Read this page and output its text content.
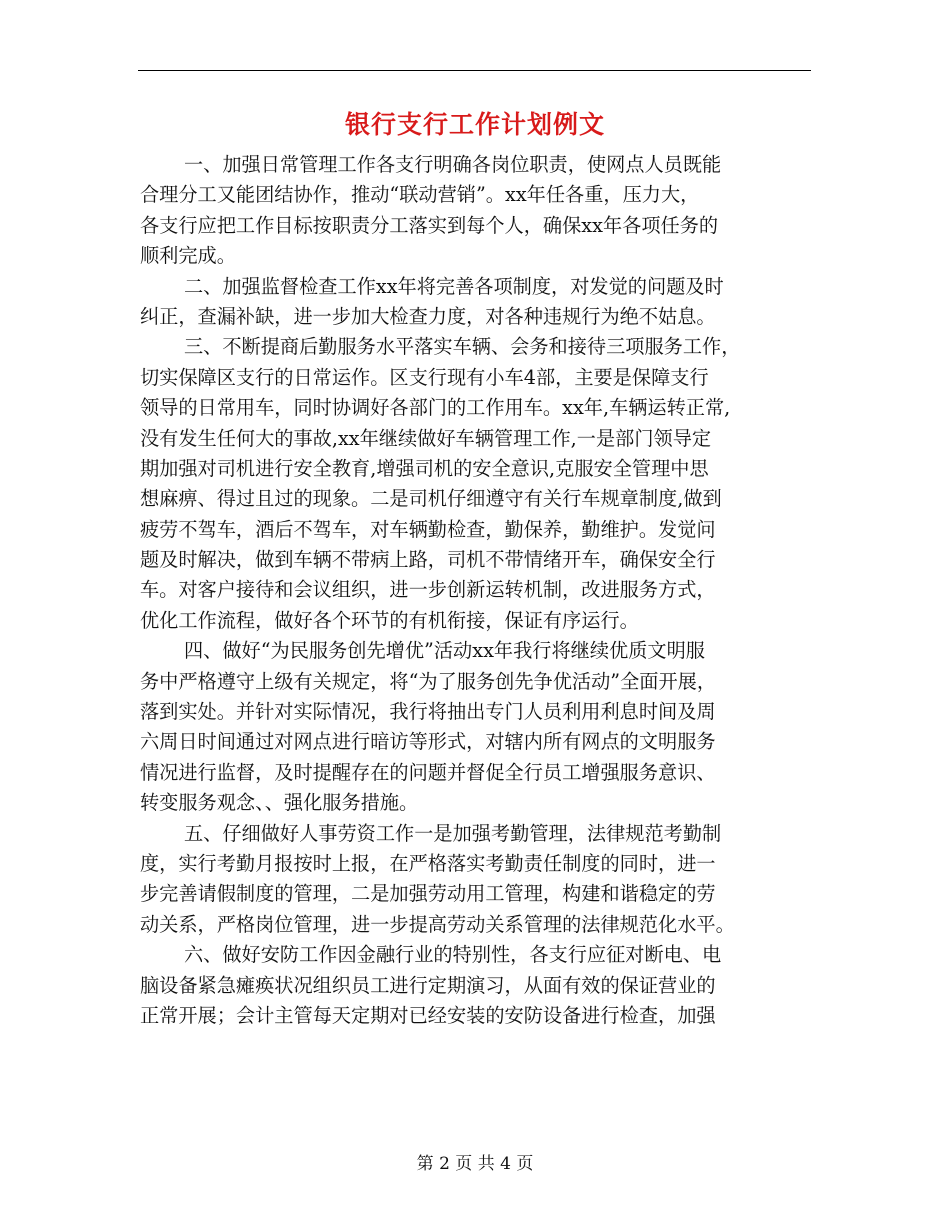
银行支行工作计划例文
一、加强日常管理工作各支行明确各岗位职责，使网点人员既能
合理分工又能团结协作，推动“联动营销”。xx年任各重，压力大，
各支行应把工作目标按职责分工落实到每个人，确保xx年各项任务的
顺利完成。
二、加强监督检查工作xx年将完善各项制度，对发觉的问题及时
纠正，查漏补缺，进一步加大检查力度，对各种违规行为绝不姑息。
三、不断提商后勤服务水平落实车辆、会务和接待三项服务工作，
切实保障区支行的日常运作。区支行现有小车4部，主要是保障支行
领导的日常用车，同时协调好各部门的工作用车。xx年,车辆运转正常,
没有发生任何大的事故,xx年继续做好车辆管理工作,一是部门领导定
期加强对司机进行安全教育,增强司机的安全意识,克服安全管理中思
想麻痹、得过且过的现象。二是司机仔细遵守有关行车规章制度,做到
疲劳不驾车，酒后不驾车，对车辆勤检查，勤保养，勤维护。发觉问
题及时解决，做到车辆不带病上路，司机不带情绪开车，确保安全行
车。对客户接待和会议组织，进一步创新运转机制，改进服务方式，
优化工作流程，做好各个环节的有机衔接，保证有序运行。
四、做好“为民服务创先增优”活动xx年我行将继续优质文明服
务中严格遵守上级有关规定，将“为了服务创先争优活动”全面开展，
落到实处。并针对实际情况，我行将抽出专门人员利用利息时间及周
六周日时间通过对网点进行暗访等形式，对辖内所有网点的文明服务
情况进行监督，及时提醒存在的问题并督促全行员工增强服务意识、
转变服务观念、、强化服务措施。
五、仔细做好人事劳资工作一是加强考勤管理，法律规范考勤制
度，实行考勤月报按时上报，在严格落实考勤责任制度的同时，进一
步完善请假制度的管理，二是加强劳动用工管理，构建和谐稳定的劳
动关系，严格岗位管理，进一步提高劳动关系管理的法律规范化水平。
六、做好安防工作因金融行业的特别性，各支行应征对断电、电
脑设备紧急瘫痪状况组织员工进行定期演习，从面有效的保证营业的
正常开展；会计主管每天定期对已经安装的安防设备进行检查，加强
第 2 页 共 4 页
